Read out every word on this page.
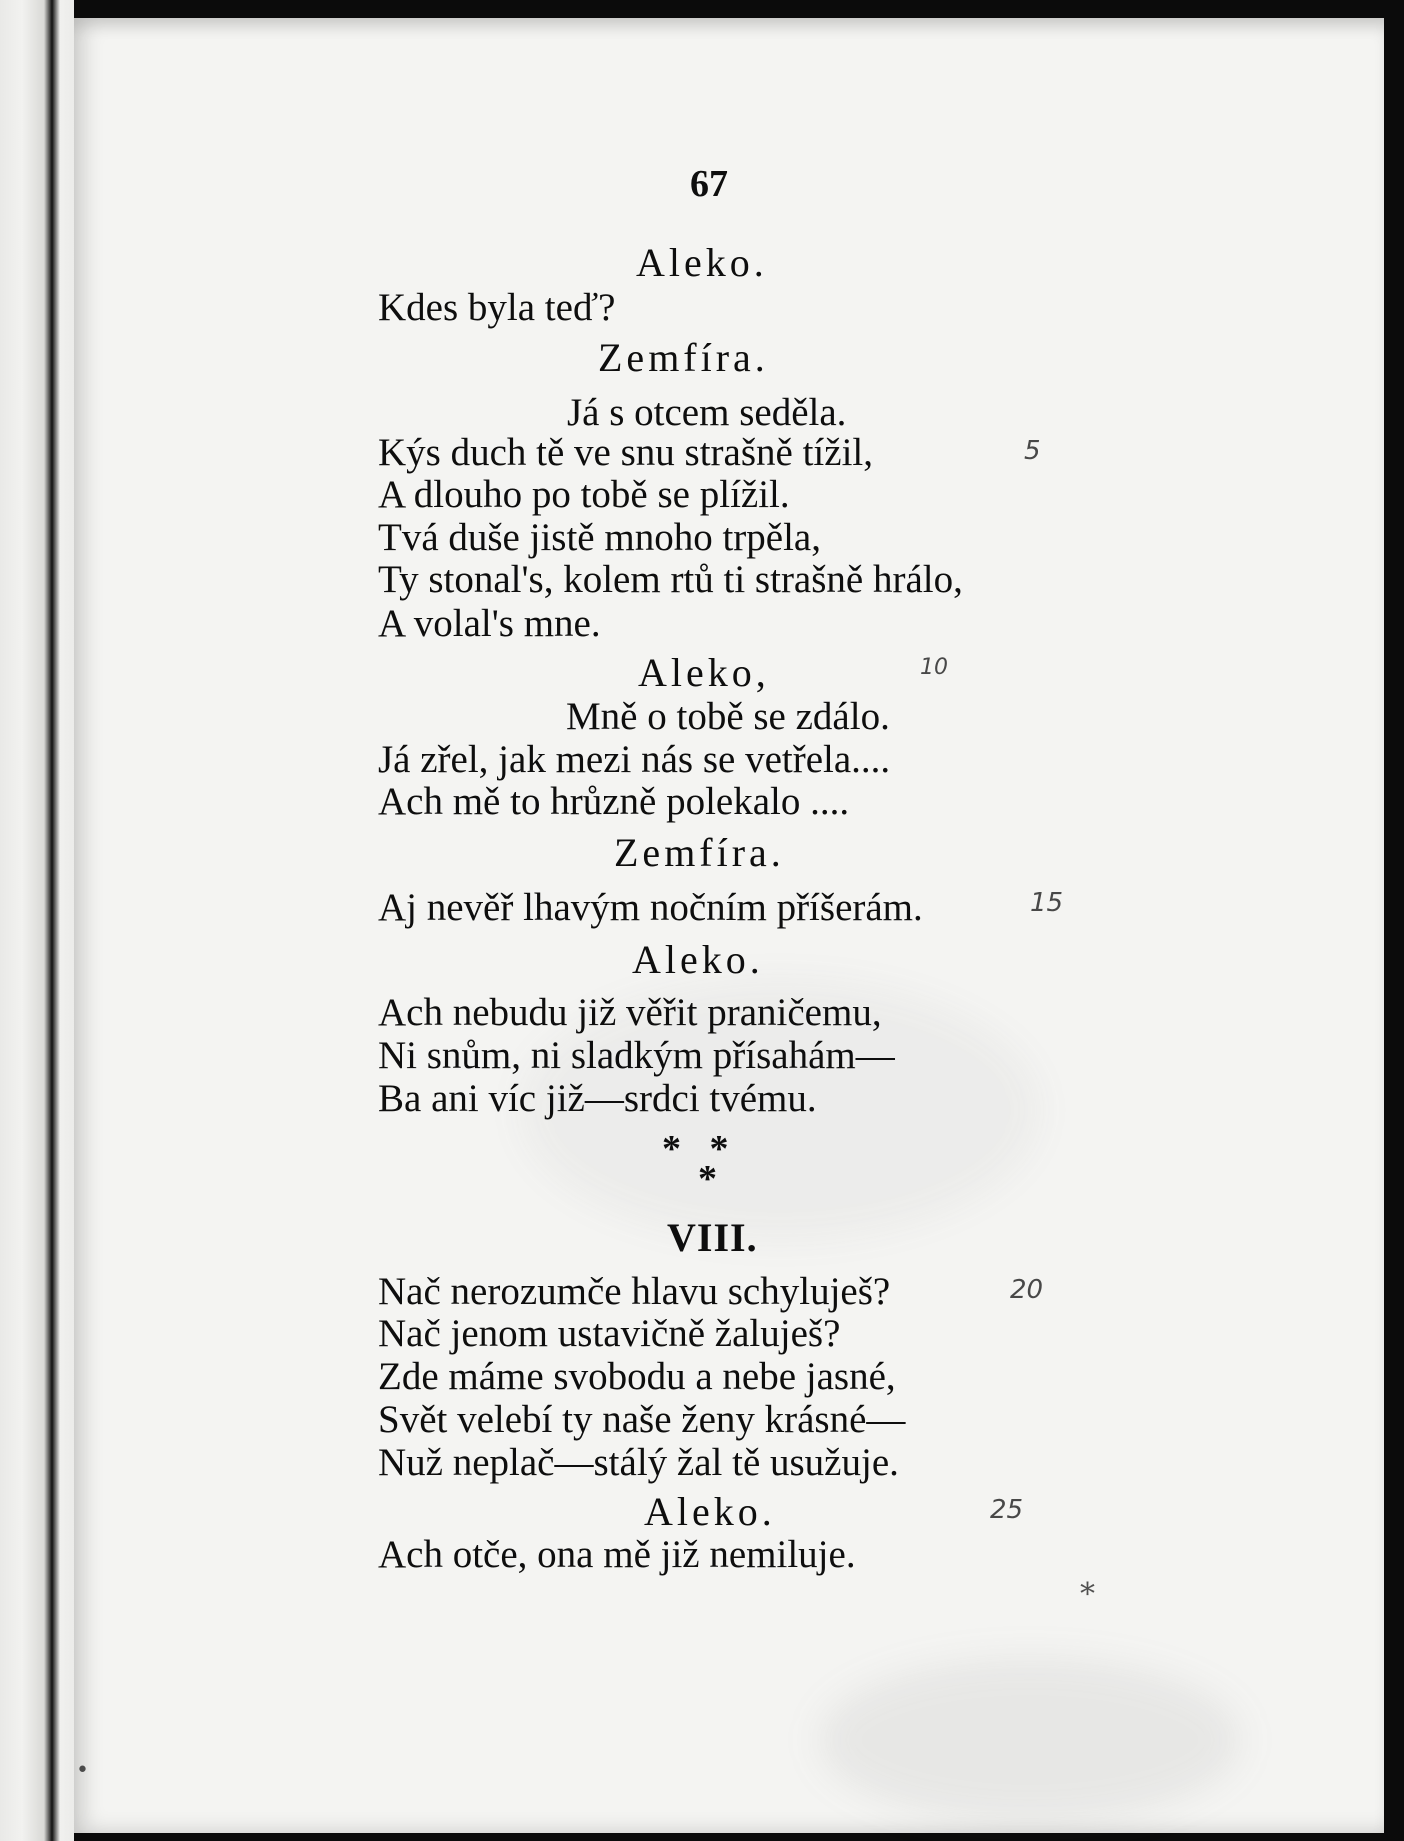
67
Aleko.
Kdes byla teď?
Zemfíra.
Já s otcem seděla.
Kýs duch tě ve snu strašně tížil,
A dlouho po tobě se plížil.
Tvá duše jistě mnoho trpěla,
Ty stonal's, kolem rtů ti strašně hrálo,
A volal's mne.
Aleko,
Mně o tobě se zdálo.
Já zřel, jak mezi nás se vetřela....
Ach mě to hrůzně polekalo ....
Zemfíra.
Aj nevěř lhavým nočním příšerám.
Aleko.
Ach nebudu již věřit praničemu,
Ni snům, ni sladkým přísahám—
Ba ani víc již—srdci tvému.
*   *
*
VIII.
Nač nerozumče hlavu schyluješ?
Nač jenom ustavičně žaluješ?
Zde máme svobodu a nebe jasné,
Svět velebí ty naše ženy krásné—
Nuž neplač—stálý žal tě usužuje.
Aleko.
Ach otče, ona mě již nemiluje.
5
10
15
20
25
*
•
